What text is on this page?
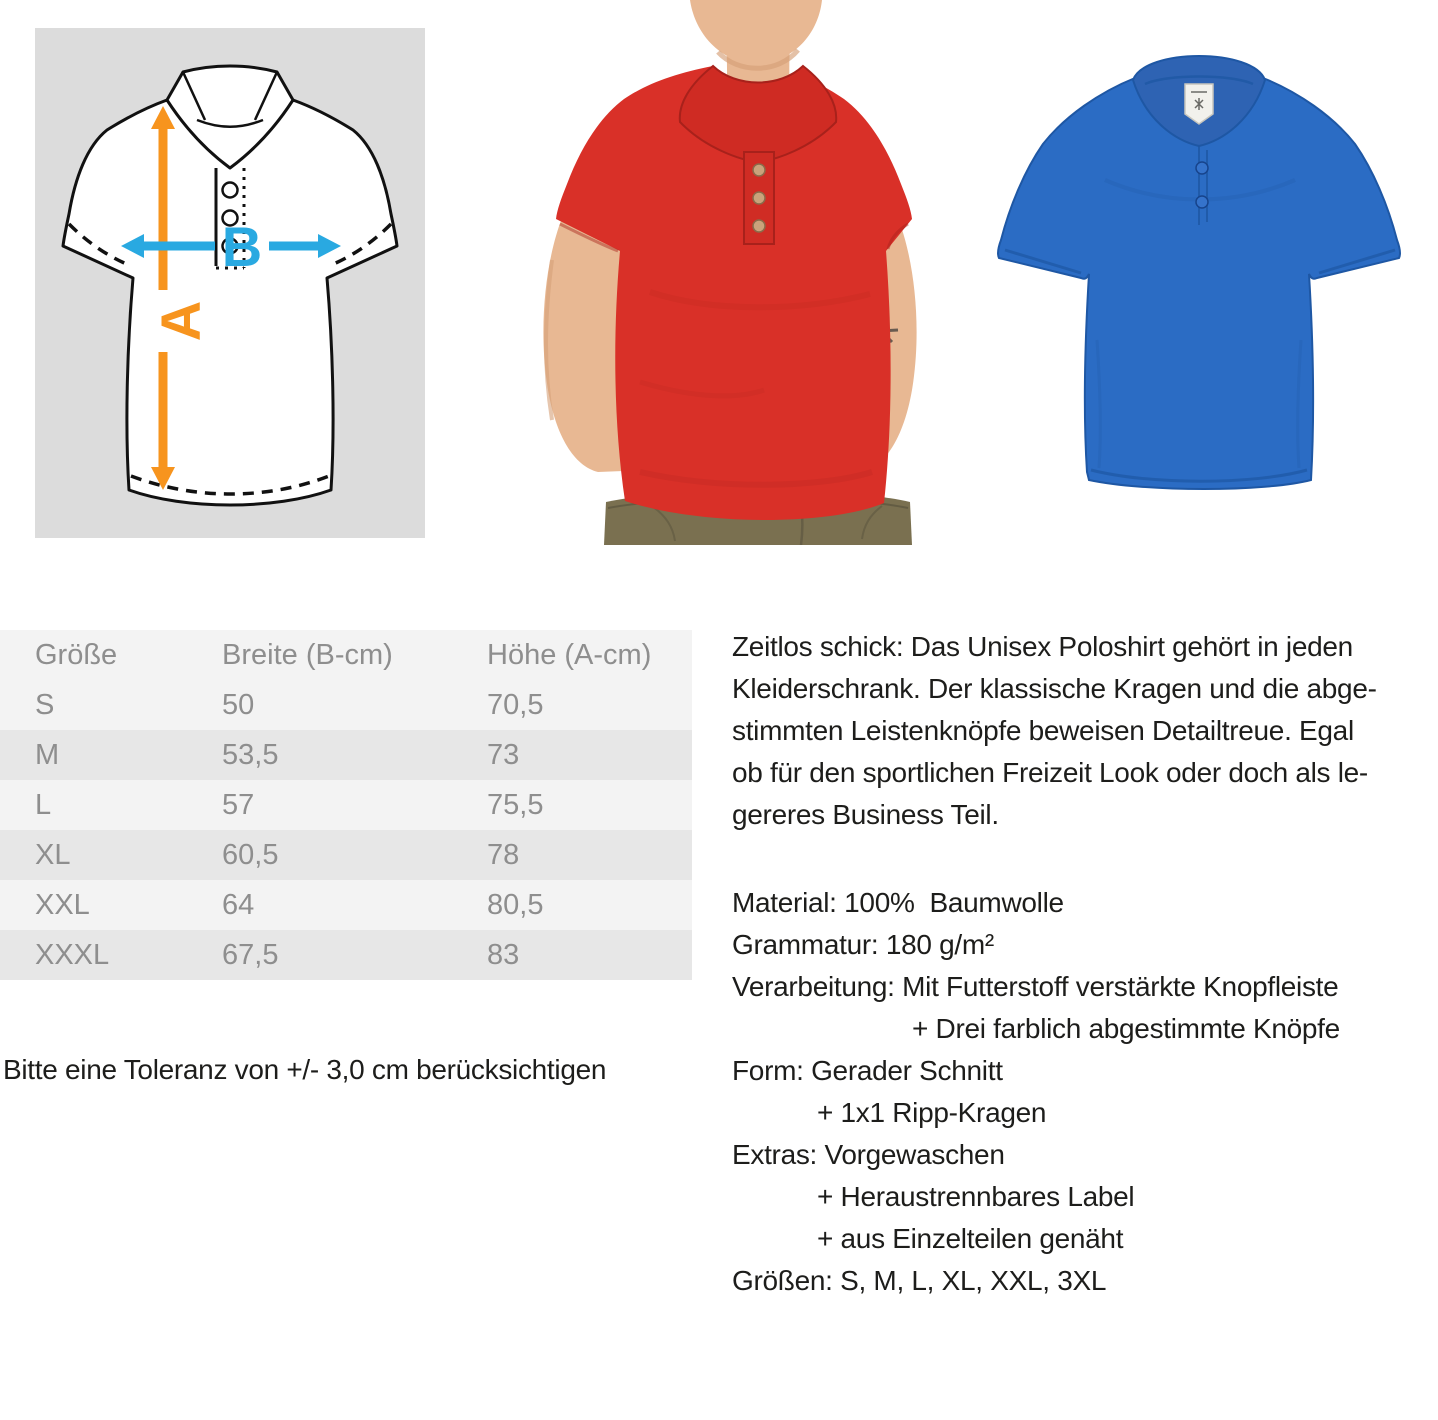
A
B
Größe	Breite (B-cm)	Höhe (A-cm)
S	50	70,5
M	53,5	73
L	57	75,5
XL	60,5	78
XXL	64	80,5
XXXL	67,5	83
Bitte eine Toleranz von +/- 3,0 cm berücksichtigen
Zeitlos schick: Das Unisex Poloshirt gehört in jeden
Kleiderschrank. Der klassische Kragen und die abge-
stimmten Leistenknöpfe beweisen Detailtreue. Egal
ob für den sportlichen Freizeit Look oder doch als le-
gereres Business Teil.
Material: 100%  Baumwolle
Grammatur: 180 g/m²
Verarbeitung: Mit Futterstoff verstärkte Knopfleiste
+ Drei farblich abgestimmte Knöpfe
Form: Gerader Schnitt
+ 1x1 Ripp-Kragen
Extras: Vorgewaschen
+ Heraustrennbares Label
+ aus Einzelteilen genäht
Größen: S, M, L, XL, XXL, 3XL
